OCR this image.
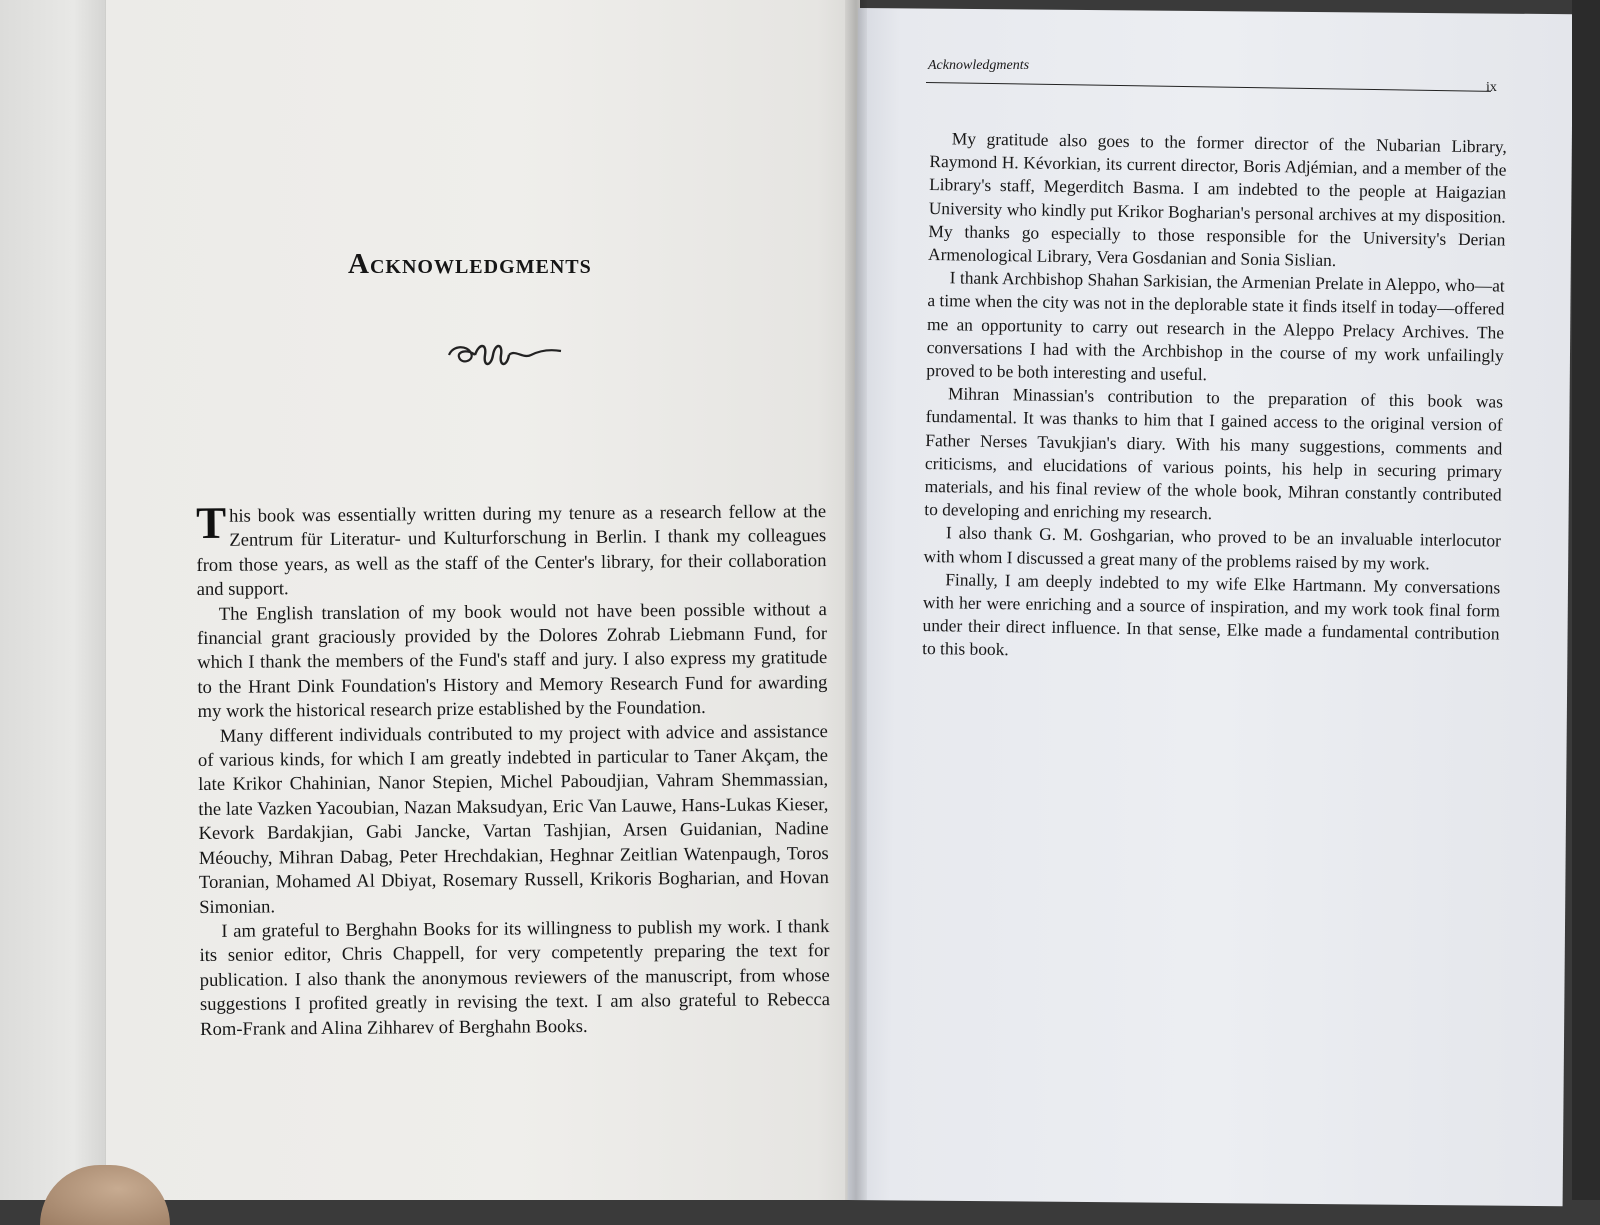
Acknowledgments

This book was essentially written during my tenure as a research fellow at the Zentrum für Literatur- und Kulturforschung in Berlin. I thank my colleagues from those years, as well as the staff of the Center's library, for their collaboration and support.

The English translation of my book would not have been possible without a financial grant graciously provided by the Dolores Zohrab Liebmann Fund, for which I thank the members of the Fund's staff and jury. I also express my gratitude to the Hrant Dink Foundation's History and Memory Research Fund for awarding my work the historical research prize established by the Foundation.

Many different individuals contributed to my project with advice and assistance of various kinds, for which I am greatly indebted in particular to Taner Akçam, the late Krikor Chahinian, Nanor Stepien, Michel Paboudjian, Vahram Shemmassian, the late Vazken Yacoubian, Nazan Maksudyan, Eric Van Lauwe, Hans-Lukas Kieser, Kevork Bardakjian, Gabi Jancke, Vartan Tashjian, Arsen Guidanian, Nadine Méouchy, Mihran Dabag, Peter Hrechdakian, Heghnar Zeitlian Watenpaugh, Toros Toranian, Mohamed Al Dbiyat, Rosemary Russell, Krikoris Bogharian, and Hovan Simonian.

I am grateful to Berghahn Books for its willingness to publish my work. I thank its senior editor, Chris Chappell, for very competently preparing the text for publication. I also thank the anonymous reviewers of the manuscript, from whose suggestions I profited greatly in revising the text. I am also grateful to Rebecca Rom-Frank and Alina Zihharev of Berghahn Books.

Acknowledgments
ix

My gratitude also goes to the former director of the Nubarian Library, Raymond H. Kévorkian, its current director, Boris Adjémian, and a member of the Library's staff, Megerditch Basma. I am indebted to the people at Haigazian University who kindly put Krikor Bogharian's personal archives at my disposition. My thanks go especially to those responsible for the University's Derian Armenological Library, Vera Gosdanian and Sonia Sislian.

I thank Archbishop Shahan Sarkisian, the Armenian Prelate in Aleppo, who—at a time when the city was not in the deplorable state it finds itself in today—offered me an opportunity to carry out research in the Aleppo Prelacy Archives. The conversations I had with the Archbishop in the course of my work unfailingly proved to be both interesting and useful.

Mihran Minassian's contribution to the preparation of this book was fundamental. It was thanks to him that I gained access to the original version of Father Nerses Tavukjian's diary. With his many suggestions, comments and criticisms, and elucidations of various points, his help in securing primary materials, and his final review of the whole book, Mihran constantly contributed to developing and enriching my research.

I also thank G. M. Goshgarian, who proved to be an invaluable interlocutor with whom I discussed a great many of the problems raised by my work.

Finally, I am deeply indebted to my wife Elke Hartmann. My conversations with her were enriching and a source of inspiration, and my work took final form under their direct influence. In that sense, Elke made a fundamental contribution to this book.
